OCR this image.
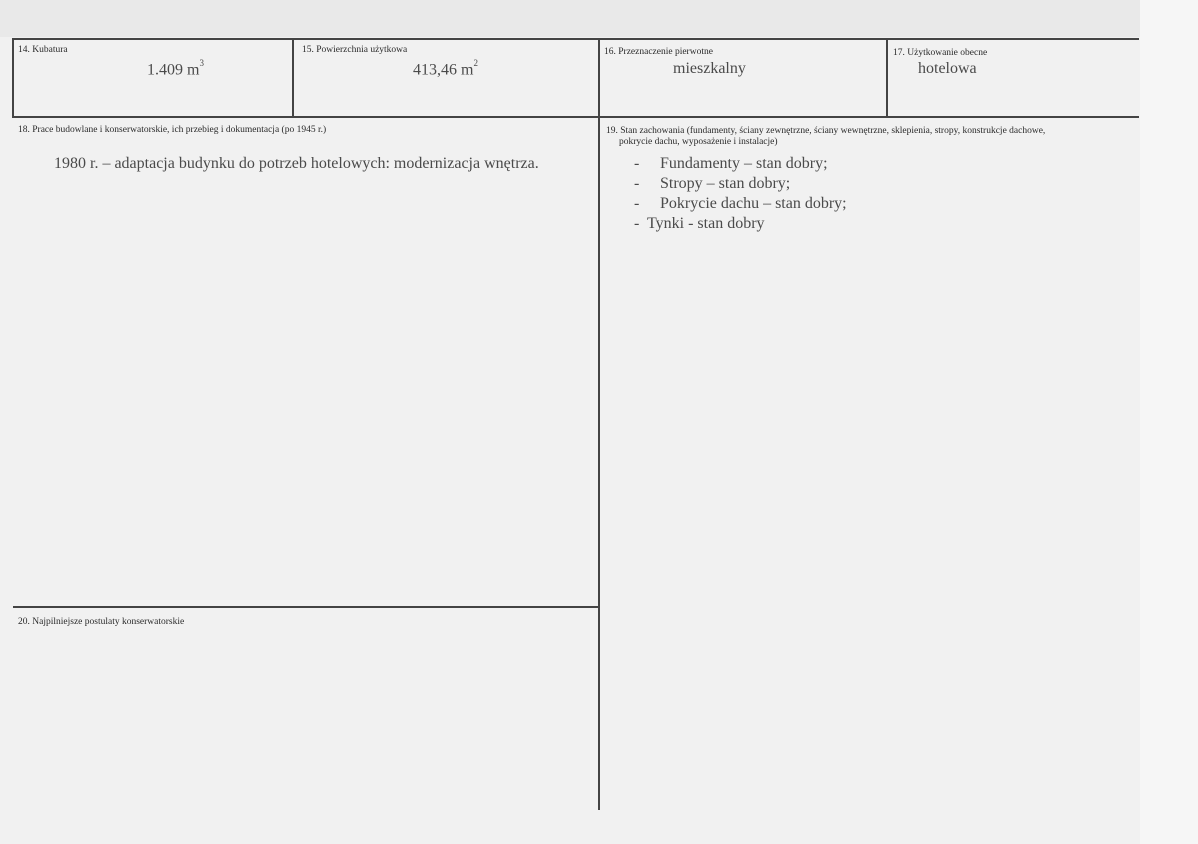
14. Kubatura
1.409 $m^3$
15. Powierzchnia użytkowa
413,46 $m^2$
16. Przeznaczenie pierwotne
mieszkalny
17. Użytkowanie obecne
hotelowa
18. Prace budowlane i konserwatorskie, ich przebieg i dokumentacja (po 1945 r.)
1980 r. – adaptacja budynku do potrzeb hotelowych: modernizacja wnętrza.
19. Stan zachowania (fundamenty, ściany zewnętrzne, ściany wewnętrzne, sklepienia, stropy, konstrukcje dachowe,
pokrycie dachu, wyposażenie i instalacje)
- Fundamenty – stan dobry;
- Stropy – stan dobry;
- Pokrycie dachu – stan dobry;
- Tynki - stan dobry
20. Najpilniejsze postulaty konserwatorskie
